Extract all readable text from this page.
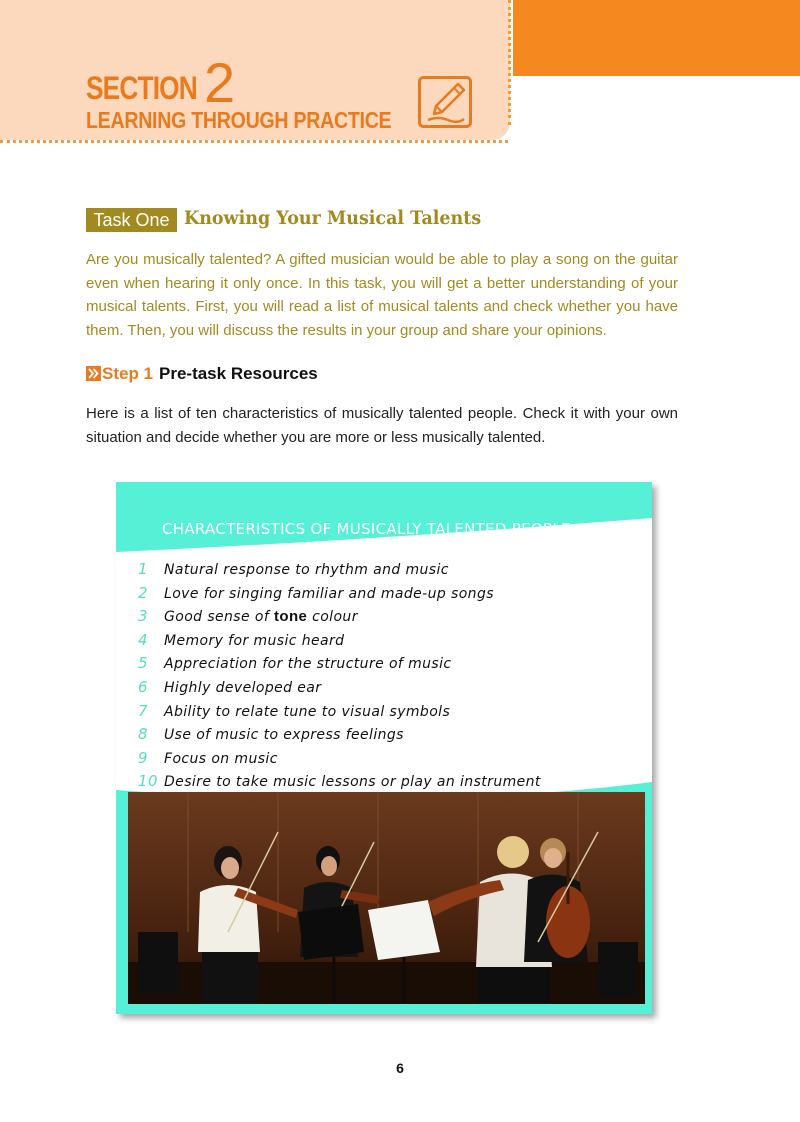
SECTION 2
LEARNING THROUGH PRACTICE
Task One Knowing Your Musical Talents
Are you musically talented? A gifted musician would be able to play a song on the guitar even when hearing it only once. In this task, you will get a better understanding of your musical talents. First, you will read a list of musical talents and check whether you have them. Then, you will discuss the results in your group and share your opinions.
Step 1 Pre-task Resources
Here is a list of ten characteristics of musically talented people. Check it with your own situation and decide whether you are more or less musically talented.
CHARACTERISTICS OF MUSICALLY TALENTED PEOPLE
1 Natural response to rhythm and music
2 Love for singing familiar and made-up songs
3 Good sense of tone colour
4 Memory for music heard
5 Appreciation for the structure of music
6 Highly developed ear
7 Ability to relate tune to visual symbols
8 Use of music to express feelings
9 Focus on music
10 Desire to take music lessons or play an instrument
6
